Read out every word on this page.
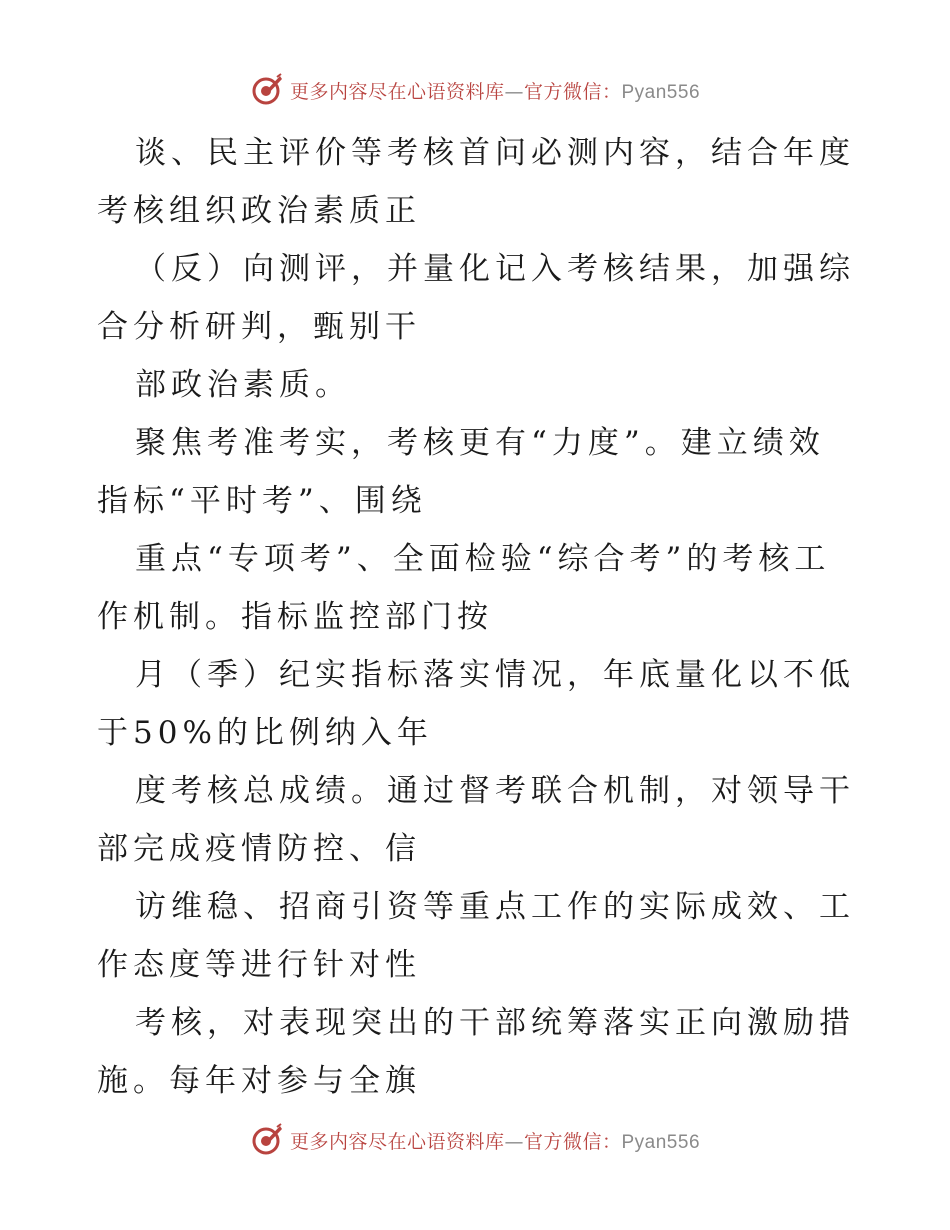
更多内容尽在心语资料库—官方微信：Pyan556

谈、民主评价等考核首问必测内容，结合年度考核组织政治素质正

（反）向测评，并量化记入考核结果，加强综合分析研判，甄别干

部政治素质。

聚焦考准考实，考核更有“力度”。建立绩效指标“平时考”、围绕

重点“专项考”、全面检验“综合考”的考核工作机制。指标监控部门按

月（季）纪实指标落实情况，年底量化以不低于50%的比例纳入年

度考核总成绩。通过督考联合机制，对领导干部完成疫情防控、信

访维稳、招商引资等重点工作的实际成效、工作态度等进行针对性

考核，对表现突出的干部统筹落实正向激励措施。每年对参与全旗

更多内容尽在心语资料库—官方微信：Pyan556
